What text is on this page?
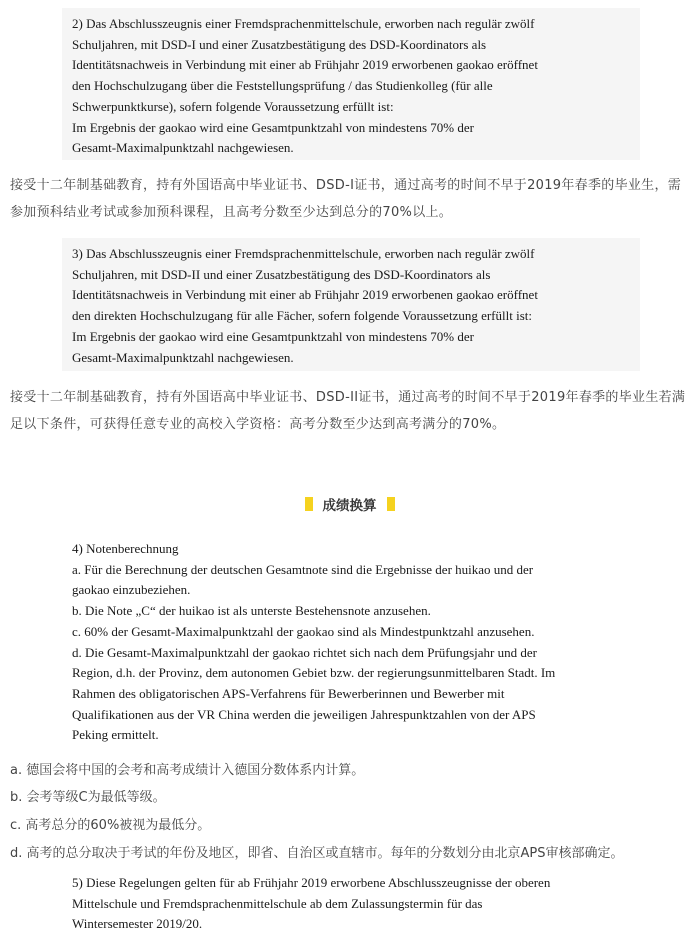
2) Das Abschlusszeugnis einer Fremdsprachenmittelschule, erworben nach regulär zwölf

Schuljahren, mit DSD-I und einer Zusatzbestätigung des DSD-Koordinators als

Identitätsnachweis in Verbindung mit einer ab Frühjahr 2019 erworbenen gaokao eröffnet

den Hochschulzugang über die Feststellungsprüfung / das Studienkolleg (für alle

Schwerpunktkurse), sofern folgende Voraussetzung erfüllt ist:

Im Ergebnis der gaokao wird eine Gesamtpunktzahl von mindestens 70% der

Gesamt-Maximalpunktzahl nachgewiesen.

接受十二年制基础教育，持有外国语高中毕业证书、DSD-I证书，通过高考的时间不早于2019年春季的毕业生，需参加预科结业考试或参加预科课程，且高考分数至少达到总分的70%以上。

3) Das Abschlusszeugnis einer Fremdsprachenmittelschule, erworben nach regulär zwölf

Schuljahren, mit DSD-II und einer Zusatzbestätigung des DSD-Koordinators als

Identitätsnachweis in Verbindung mit einer ab Frühjahr 2019 erworbenen gaokao eröffnet

den direkten Hochschulzugang für alle Fächer, sofern folgende Voraussetzung erfüllt ist:

Im Ergebnis der gaokao wird eine Gesamtpunktzahl von mindestens 70% der

Gesamt-Maximalpunktzahl nachgewiesen.

接受十二年制基础教育，持有外国语高中毕业证书、DSD-II证书，通过高考的时间不早于2019年春季的毕业生若满足以下条件，可获得任意专业的高校入学资格：高考分数至少达到高考满分的70%。

成绩换算

4) Notenberechnung

a. Für die Berechnung der deutschen Gesamtnote sind die Ergebnisse der huikao und der

gaokao einzubeziehen.

b. Die Note „C“ der huikao ist als unterste Bestehensnote anzusehen.

c. 60% der Gesamt-Maximalpunktzahl der gaokao sind als Mindestpunktzahl anzusehen.

d. Die Gesamt-Maximalpunktzahl der gaokao richtet sich nach dem Prüfungsjahr und der

Region, d.h. der Provinz, dem autonomen Gebiet bzw. der regierungsunmittelbaren Stadt. Im

Rahmen des obligatorischen APS-Verfahrens für Bewerberinnen und Bewerber mit

Qualifikationen aus der VR China werden die jeweiligen Jahrespunktzahlen von der APS

Peking ermittelt.

a. 德国会将中国的会考和高考成绩计入德国分数体系内计算。

b. 会考等级C为最低等级。

c. 高考总分的60%被视为最低分。

d. 高考的总分取决于考试的年份及地区，即省、自治区或直辖市。每年的分数划分由北京APS审核部确定。

5) Diese Regelungen gelten für ab Frühjahr 2019 erworbene Abschlusszeugnisse der oberen

Mittelschule und Fremdsprachenmittelschule ab dem Zulassungstermin für das

Wintersemester 2019/20.
